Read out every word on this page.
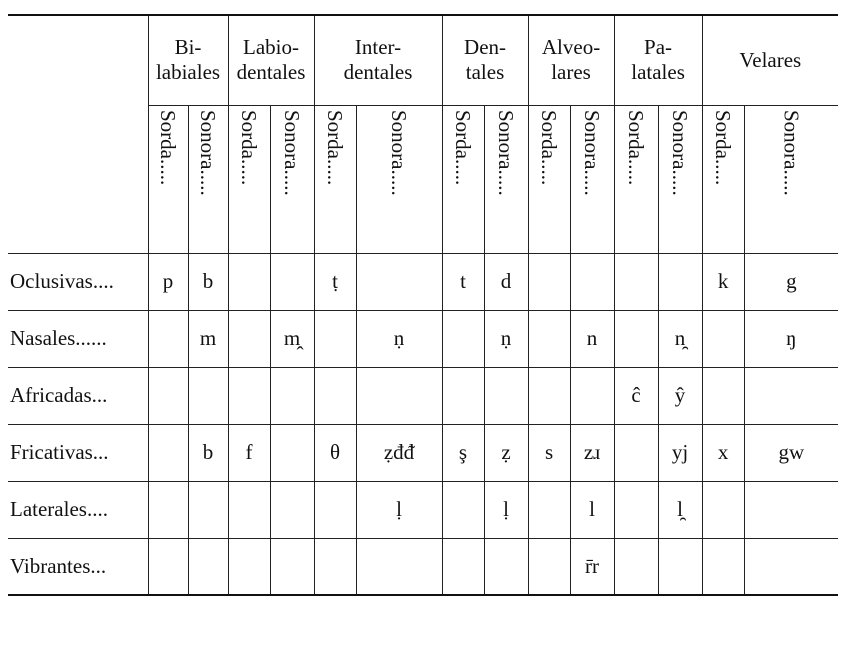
	Bi-
labiales		Labio-
dentales		Inter-
dentales		Den-
tales		Alveo-
lares		Pa-
latales		Velares	

	Sorda.....	Sonora.....	Sorda.....	Sonora.....	Sorda.....	Sonora.....	Sorda.....	Sonora.....	Sorda.....	Sonora.....	Sorda.....	Sonora.....	Sorda.....	Sonora.....
Oclusivas....	p	b			ṭ		t	d					k	g
Nasales......		m		m̭		ṇ		ṇ		n		n̯		ŋ
Africadas...											ĉ	ŷ		
Fricativas...		b	f		θ	ẓđᵭ	ş	ẓ	s	zɹ		yj	x	gw
Laterales....						ḷ		ḷ		l		l̯		
Vibrantes...										r̄r				
